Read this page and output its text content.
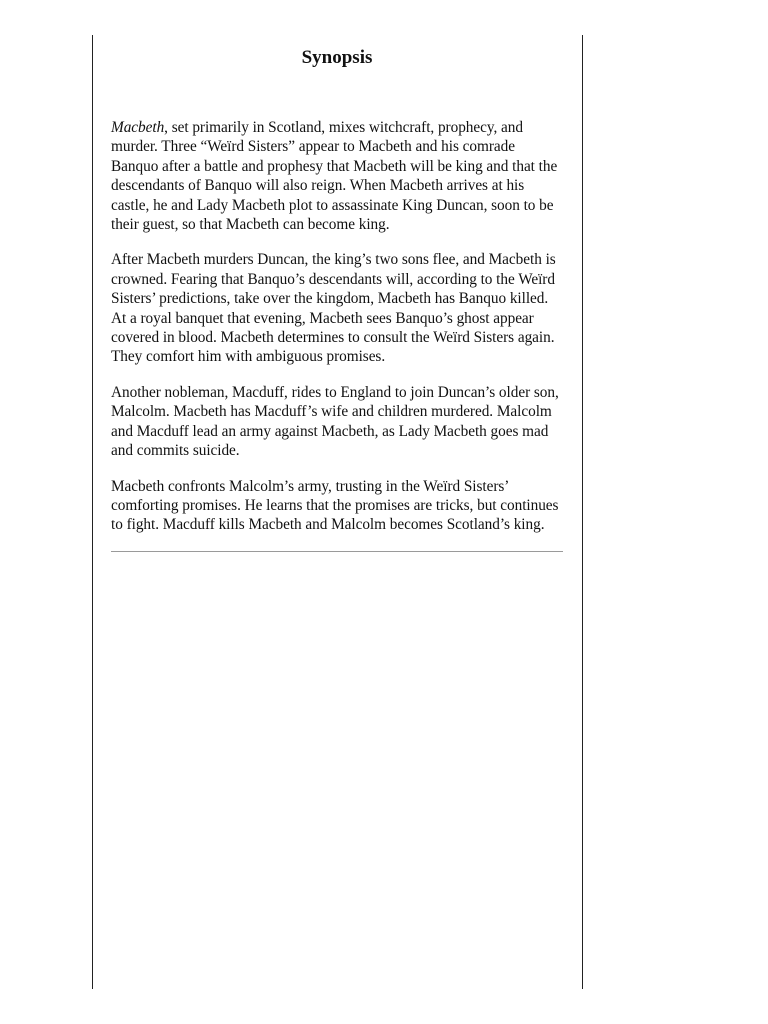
Synopsis

Macbeth, set primarily in Scotland, mixes witchcraft, prophecy, and murder. Three “Weïrd Sisters” appear to Macbeth and his comrade Banquo after a battle and prophesy that Macbeth will be king and that the descendants of Banquo will also reign. When Macbeth arrives at his castle, he and Lady Macbeth plot to assassinate King Duncan, soon to be their guest, so that Macbeth can become king.

After Macbeth murders Duncan, the king’s two sons flee, and Macbeth is crowned. Fearing that Banquo’s descendants will, according to the Weïrd Sisters’ predictions, take over the kingdom, Macbeth has Banquo killed. At a royal banquet that evening, Macbeth sees Banquo’s ghost appear covered in blood. Macbeth determines to consult the Weïrd Sisters again. They comfort him with ambiguous promises.

Another nobleman, Macduff, rides to England to join Duncan’s older son, Malcolm. Macbeth has Macduff’s wife and children murdered. Malcolm and Macduff lead an army against Macbeth, as Lady Macbeth goes mad and commits suicide.

Macbeth confronts Malcolm’s army, trusting in the Weïrd Sisters’ comforting promises. He learns that the promises are tricks, but continues to fight. Macduff kills Macbeth and Malcolm becomes Scotland’s king.
